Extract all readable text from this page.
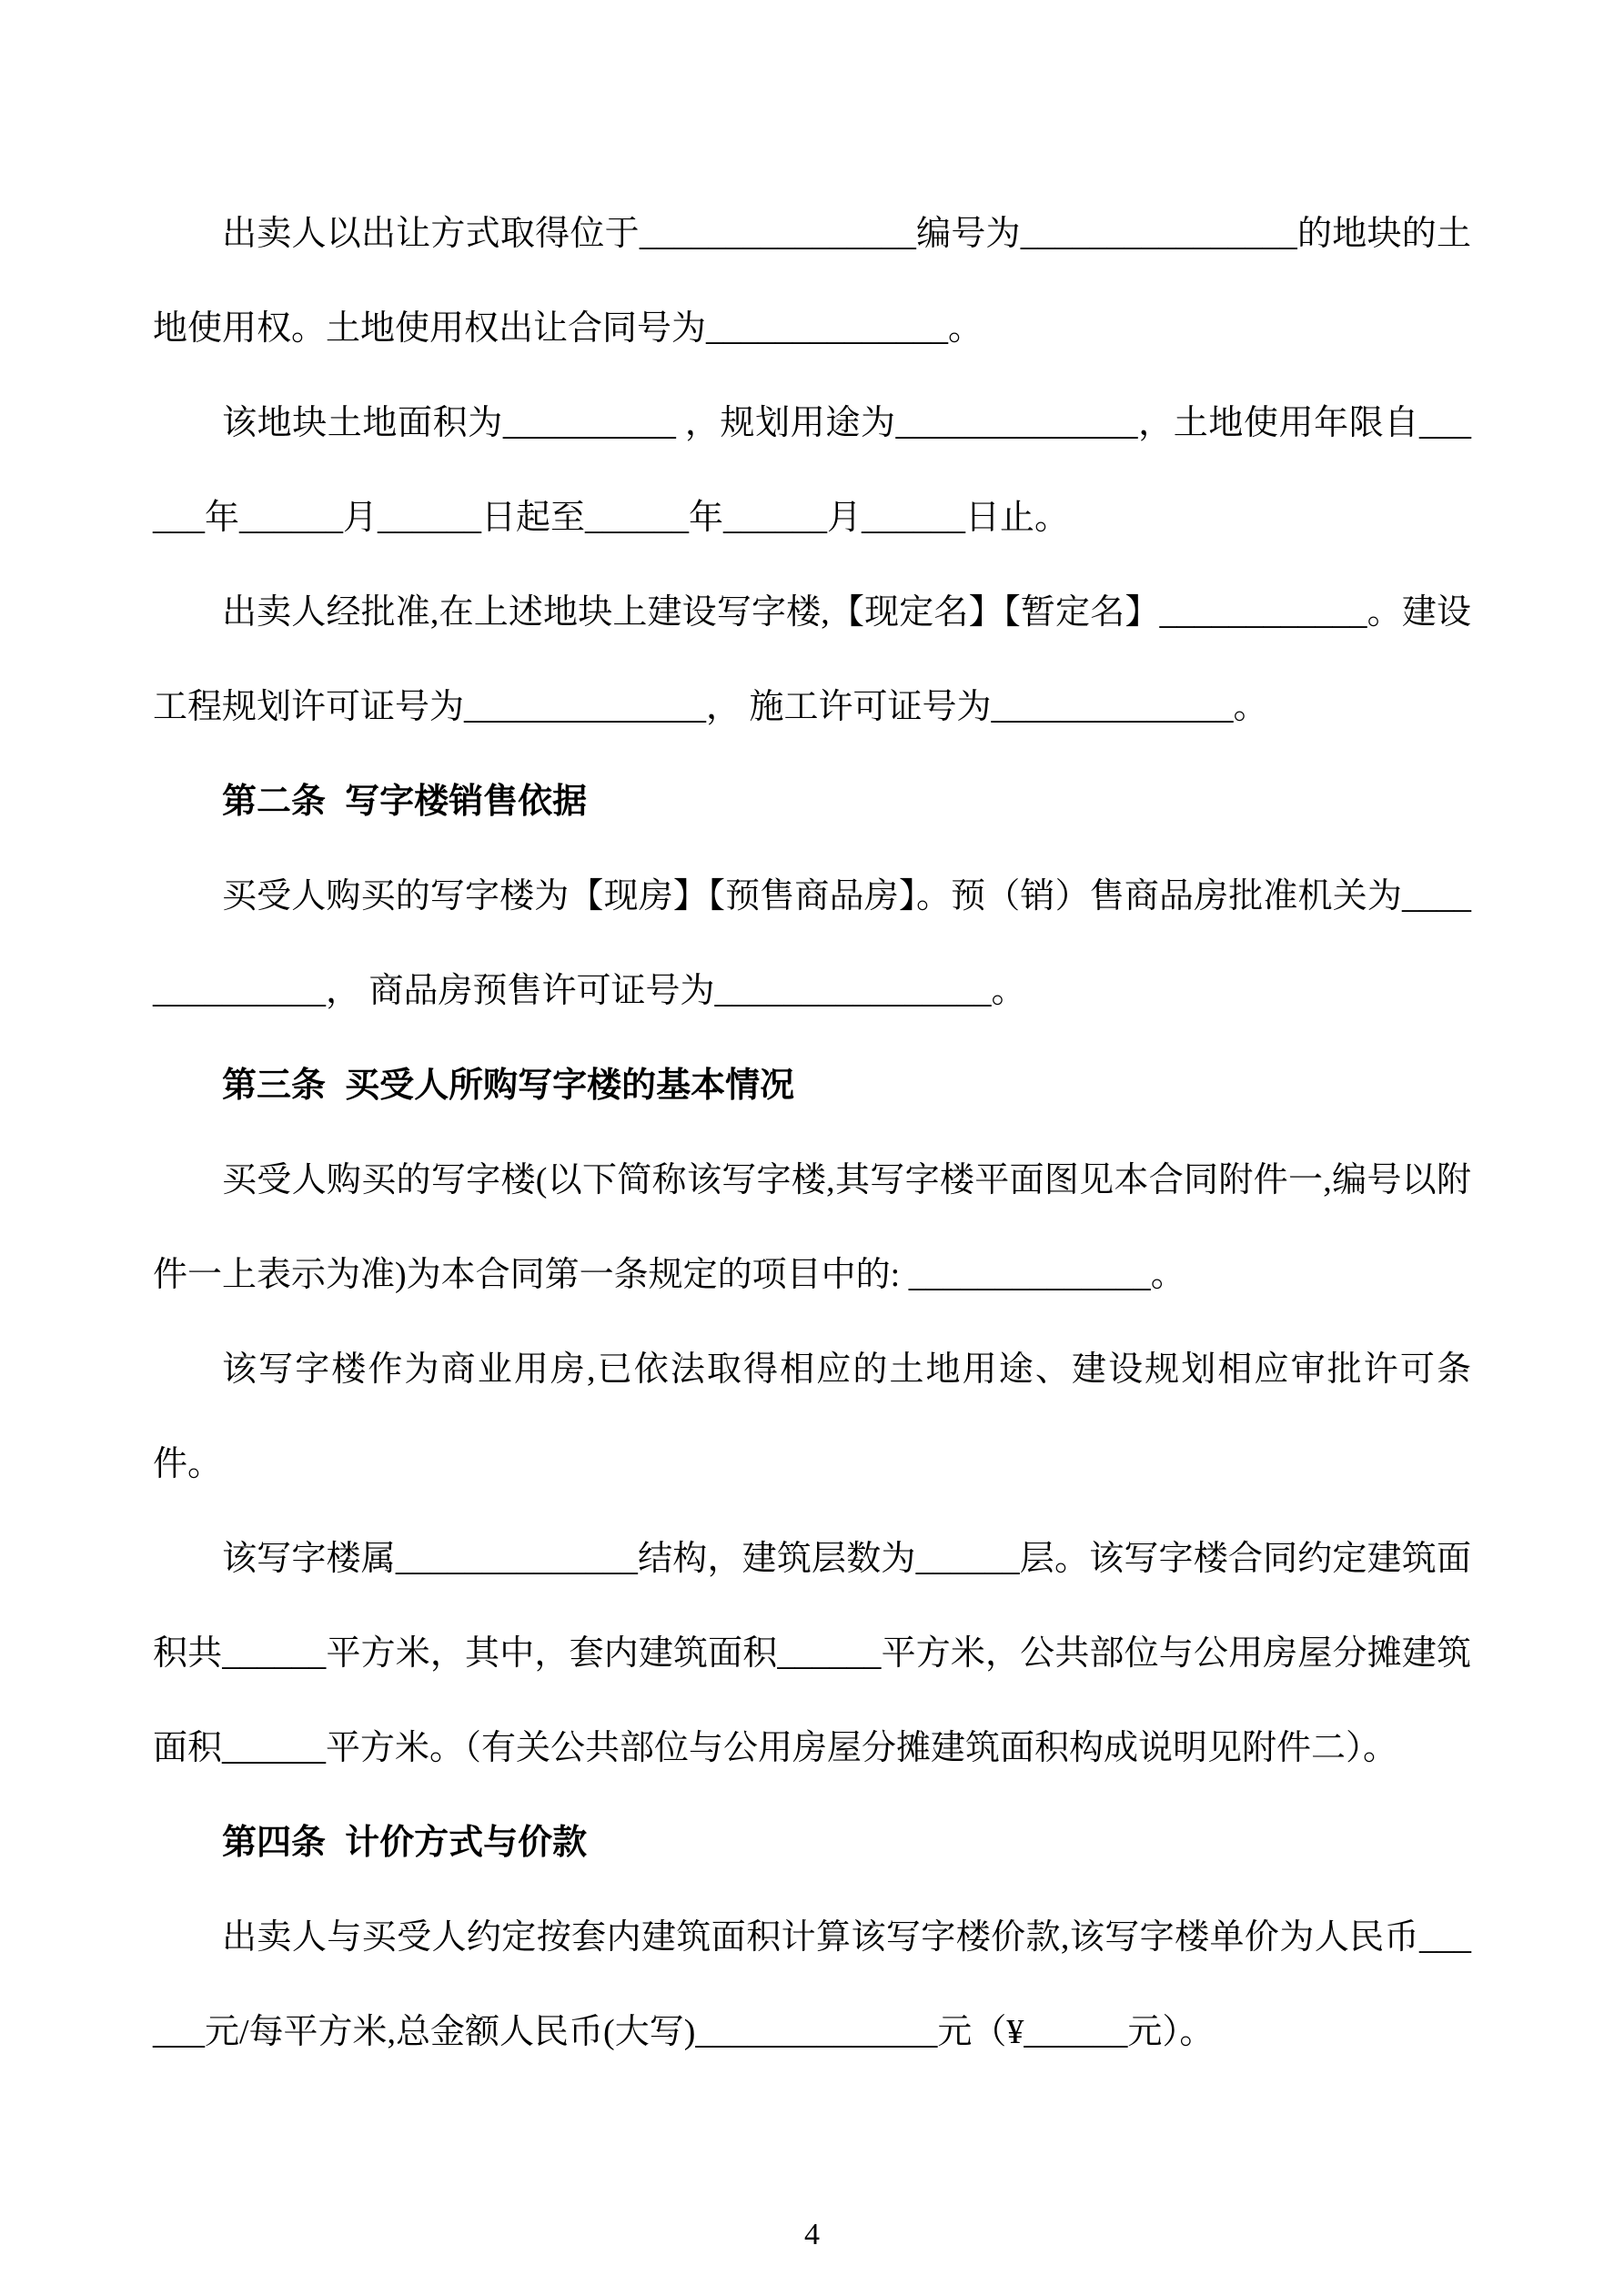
出卖人以出让方式取得位于________________编号为________________的地块的土地使用权。土地使用权出让合同号为______________。

该地块土地面积为__________ ，规划用途为______________，土地使用年限自______年______月______日起至______年______月______日止。

出卖人经批准,在上述地块上建设写字楼,【现定名】【暂定名】____________。建设工程规划许可证号为______________， 施工许可证号为______________。

第二条  写字楼销售依据

买受人购买的写字楼为【现房】【预售商品房】。预（销）售商品房批准机关为______________， 商品房预售许可证号为________________。

第三条  买受人所购写字楼的基本情况

买受人购买的写字楼(以下简称该写字楼,其写字楼平面图见本合同附件一,编号以附件一上表示为准)为本合同第一条规定的项目中的: ______________。

该写字楼作为商业用房,已依法取得相应的土地用途、建设规划相应审批许可条件。

该写字楼属______________结构，建筑层数为______层。该写字楼合同约定建筑面积共______平方米，其中，套内建筑面积______平方米，公共部位与公用房屋分摊建筑面积______平方米。（有关公共部位与公用房屋分摊建筑面积构成说明见附件二）。

第四条  计价方式与价款

出卖人与买受人约定按套内建筑面积计算该写字楼价款,该写字楼单价为人民币______元/每平方米,总金额人民币(大写)______________元（¥______元）。

4
